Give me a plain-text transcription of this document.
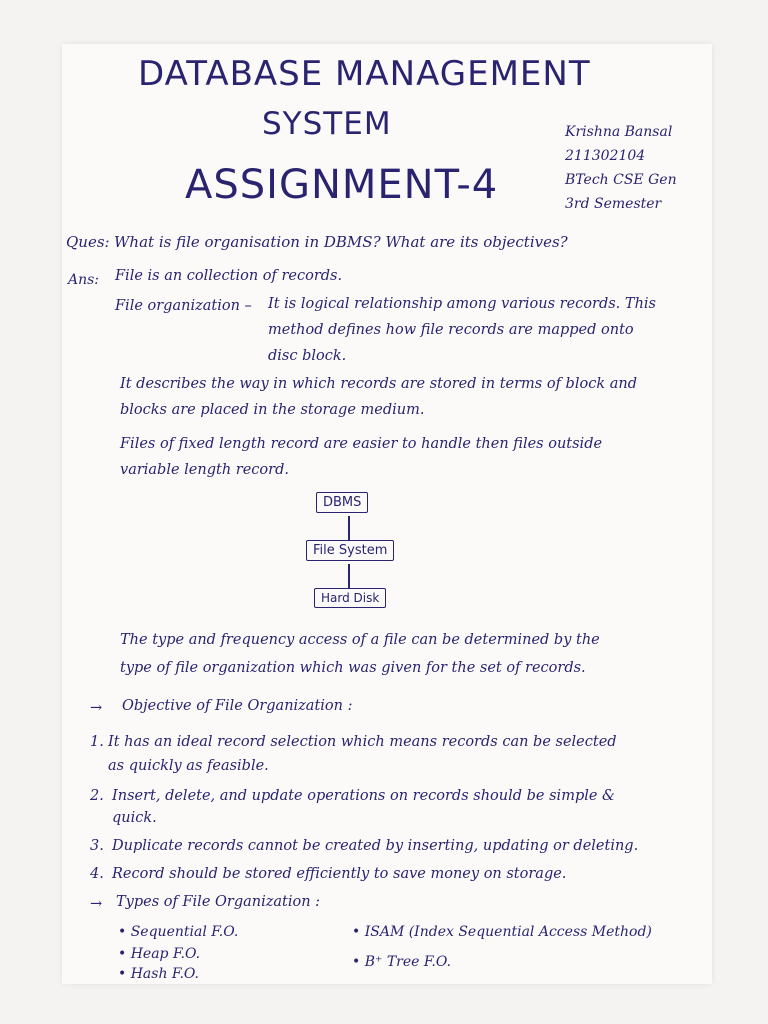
DATABASE MANAGEMENT
SYSTEM
ASSIGNMENT-4
Krishna Bansal
211302104
BTech CSE Gen
3rd Semester
Ques: What is file organisation in DBMS? What are its objectives?
Ans: File is an collection of records.
File organization – It is logical relationship among various records. This
method defines how file records are mapped onto
disc block.
It describes the way in which records are stored in terms of block and
blocks are placed in the storage medium.
Files of fixed length record are easier to handle then files outside
variable length record.
DBMS
File System
Hard Disk
The type and frequency access of a file can be determined by the
type of file organization which was given for the set of records.
→ Objective of File Organization :
1. It has an ideal record selection which means records can be selected
as quickly as feasible.
2. Insert, delete, and update operations on records should be simple &
quick.
3. Duplicate records cannot be created by inserting, updating or deleting.
4. Record should be stored efficiently to save money on storage.
→ Types of File Organization :
• Sequential F.O.
• Heap F.O.
• Hash F.O.
• ISAM (Index Sequential Access Method)
• B⁺ Tree F.O.
